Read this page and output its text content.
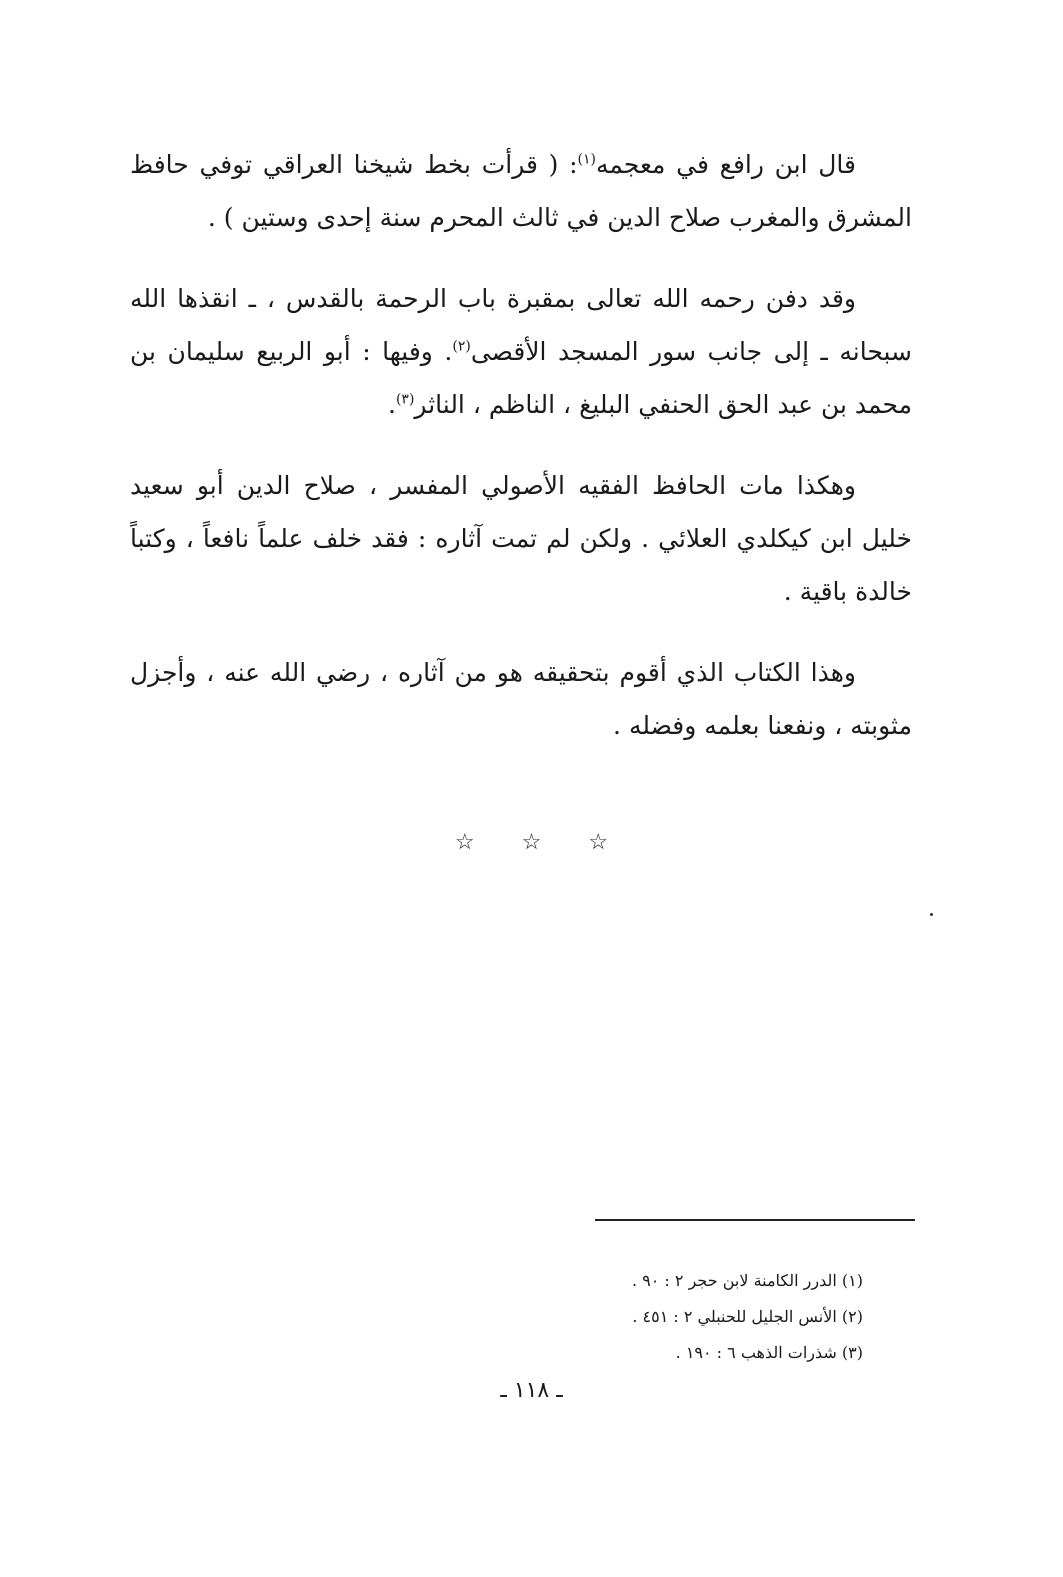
قال ابن رافع في معجمه$^{(١)}$: ( قرأت بخط شيخنا العراقي توفي حافظ المشرق والمغرب صلاح الدين في ثالث المحرم سنة إحدى وستين ) .

وقد دفن رحمه الله تعالى بمقبرة باب الرحمة بالقدس ، ـ انقذها الله سبحانه ـ إلى جانب سور المسجد الأقصى$^{(٢)}$. وفيها : أبو الربيع سليمان بن محمد بن عبد الحق الحنفي البليغ ، الناظم ، الناثر$^{(٣)}$.

وهكذا مات الحافظ الفقيه الأصولي المفسر ، صلاح الدين أبو سعيد خليل ابن كيكلدي العلائي . ولكن لم تمت آثاره : فقد خلف علماً نافعاً ، وكتباً خالدة باقية .

وهذا الكتاب الذي أقوم بتحقيقه هو من آثاره ، رضي الله عنه ، وأجزل مثوبته ، ونفعنا بعلمه وفضله .

☆ ☆ ☆

(١) الدرر الكامنة لابن حجر ٢ : ٩٠ .

(٢) الأنس الجليل للحنبلي ٢ : ٤٥١ .

(٣) شذرات الذهب ٦ : ١٩٠ .

ـ ١١٨ ـ
